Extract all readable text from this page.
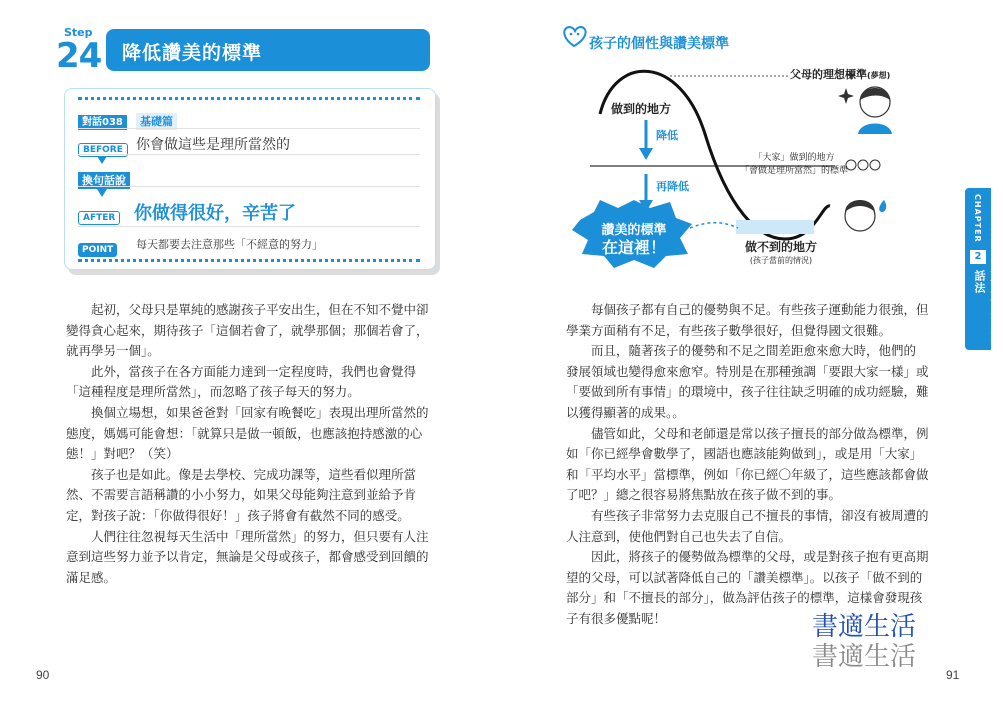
Step
24 降低讚美的標準
對話038 基礎篇
BEFORE 你會做這些是理所當然的
換句話說
AFTER 你做得很好，辛苦了
POINT	每天都要去注意那些「不經意的努力」
　　起初，父母只是單純的感謝孩子平安出生，但在不知不覺中卻
變得貪心起來，期待孩子「這個若會了，就學那個；那個若會了，
就再學另一個」。
　　此外，當孩子在各方面能力達到一定程度時，我們也會覺得
「這種程度是理所當然」，而忽略了孩子每天的努力。
　　換個立場想，如果爸爸對「回家有晚餐吃」表現出理所當然的
態度，媽媽可能會想：「就算只是做一頓飯，也應該抱持感激的心
態！」對吧？（笑）
　　孩子也是如此。像是去學校、完成功課等，這些看似理所當
然、不需要言語稱讚的小小努力，如果父母能夠注意到並給予肯
定，對孩子說：「你做得很好！」孩子將會有截然不同的感受。
　　人們往往忽視每天生活中「理所當然」的努力，但只要有人注
意到這些努力並予以肯定，無論是父母或孩子，都會感受到回饋的
滿足感。
90
孩子的個性與讚美標準
父母的理想標準(夢想)
做到的地方
降低
再降低
「大家」做到的地方
「會做是理所當然」的標準
讚美的標準
在這裡！	做不到的地方
(孩子當前的情況)
　　每個孩子都有自己的優勢與不足。有些孩子運動能力很強，但
學業方面稍有不足，有些孩子數學很好，但覺得國文很難。
　　而且，隨著孩子的優勢和不足之間差距愈來愈大時，他們的
發展領域也變得愈來愈窄。特別是在那種強調「要跟大家一樣」或
「要做到所有事情」的環境中，孩子往往缺乏明確的成功經驗，難
以獲得顯著的成果。。
　　儘管如此，父母和老師還是常以孩子擅長的部分做為標準，例
如「你已經學會數學了，國語也應該能夠做到」，或是用「大家」
和「平均水平」當標準，例如「你已經〇年級了，這些應該都會做
了吧？」總之很容易將焦點放在孩子做不到的事。
　　有些孩子非常努力去克服自己不擅長的事情，卻沒有被周遭的
人注意到，使他們對自己也失去了自信。
　　因此，將孩子的優勢做為標準的父母，或是對孩子抱有更高期
望的父母，可以試著降低自己的「讚美標準」。以孩子「做不到的
部分」和「不擅長的部分」，做為評估孩子的標準，這樣會發現孩
子有很多優點呢！	書適生活
書適生活
CHAPTER
2
建立信心的對話法
91
